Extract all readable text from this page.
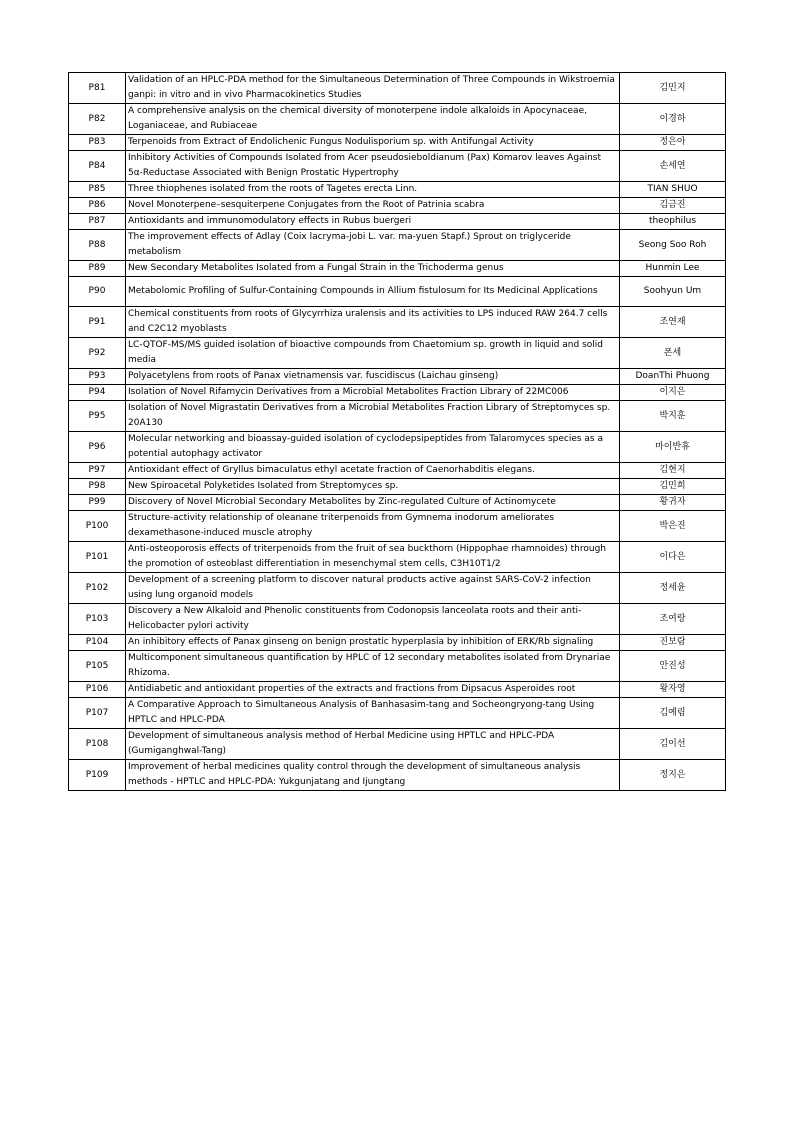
P81	Validation of an HPLC-PDA method for the Simultaneous Determination of Three Compounds in Wikstroemia ganpi: in vitro and in vivo Pharmacokinetics Studies	김민지
P82	A comprehensive analysis on the chemical diversity of monoterpene indole alkaloids in Apocynaceae, Loganiaceae, and Rubiaceae	이경하
P83	Terpenoids from Extract of Endolichenic Fungus Nodulisporium sp. with Antifungal Activity	정은아
P84	Inhibitory Activities of Compounds Isolated from Acer pseudosieboldianum (Pax) Komarov leaves Against 5α-Reductase Associated with Benign Prostatic Hypertrophy	손세연
P85	Three thiophenes isolated from the roots of Tagetes erecta Linn.	TIAN SHUO
P86	Novel Monoterpene–sesquiterpene Conjugates from the Root of Patrinia scabra	김금진
P87	Antioxidants and immunomodulatory effects in Rubus buergeri	theophilus
P88	The improvement effects of Adlay (Coix lacryma-jobi L. var. ma-yuen Stapf.) Sprout on triglyceride metabolism	Seong Soo Roh
P89	New Secondary Metabolites Isolated from a Fungal Strain in the Trichoderma genus	Hunmin Lee
P90	Metabolomic Profiling of Sulfur-Containing Compounds in Allium fistulosum for Its Medicinal Applications	Soohyun Um
P91	Chemical constituents from roots of Glycyrrhiza uralensis and its activities to LPS induced RAW 264.7 cells and C2C12 myoblasts	조연재
P92	LC-QTOF-MS/MS guided isolation of bioactive compounds from Chaetomium sp. growth in liquid and solid media	폰세
P93	Polyacetylens from roots of Panax vietnamensis var. fuscidiscus (Laichau ginseng)	DoanThi Phuong
P94	Isolation of Novel Rifamycin Derivatives from a Microbial Metabolites Fraction Library of 22MC006	이지은
P95	Isolation of Novel Migrastatin Derivatives from a Microbial Metabolites Fraction Library of Streptomyces sp. 20A130	박지훈
P96	Molecular networking and bioassay-guided isolation of cyclodepsipeptides from Talaromyces species as a potential autophagy activator	마이반휴
P97	Antioxidant effect of Gryllus bimaculatus ethyl acetate fraction of Caenorhabditis elegans.	김현지
P98	New Spiroacetal Polyketides Isolated from Streptomyces sp.	김민희
P99	Discovery of Novel Microbial Secondary Metabolites by Zinc-regulated Culture of Actinomycete	황귀자
P100	Structure-activity relationship of oleanane triterpenoids from Gymnema inodorum ameliorates dexamethasone-induced muscle atrophy	박은진
P101	Anti-osteoporosis effects of triterpenoids from the fruit of sea buckthorn (Hippophae rhamnoides) through the promotion of osteoblast differentiation in mesenchymal stem cells, C3H10T1/2	이다은
P102	Development of a screening platform to discover natural products active against SARS-CoV-2 infection using lung organoid models	정세윤
P103	Discovery a New Alkaloid and Phenolic constituents from Codonopsis lanceolata roots and their anti-Helicobacter pylori activity	조여랑
P104	An inhibitory effects of Panax ginseng on benign prostatic hyperplasia by inhibition of ERK/Rb signaling	진보람
P105	Multicomponent simultaneous quantification by HPLC of 12 secondary metabolites isolated from Drynariae Rhizoma.	안진성
P106	Antidiabetic and antioxidant properties of the extracts and fractions from Dipsacus Asperoides root	왕자영
P107	A Comparative Approach to Simultaneous Analysis of Banhasasim-tang and Socheongryong-tang Using HPTLC and HPLC-PDA	김예림
P108	Development of simultaneous analysis method of Herbal Medicine using HPTLC and HPLC-PDA (Gumiganghwal-Tang)	김이선
P109	Improvement of herbal medicines quality control through the development of simultaneous analysis methods - HPTLC and HPLC-PDA: Yukgunjatang and Ijungtang	정지은
